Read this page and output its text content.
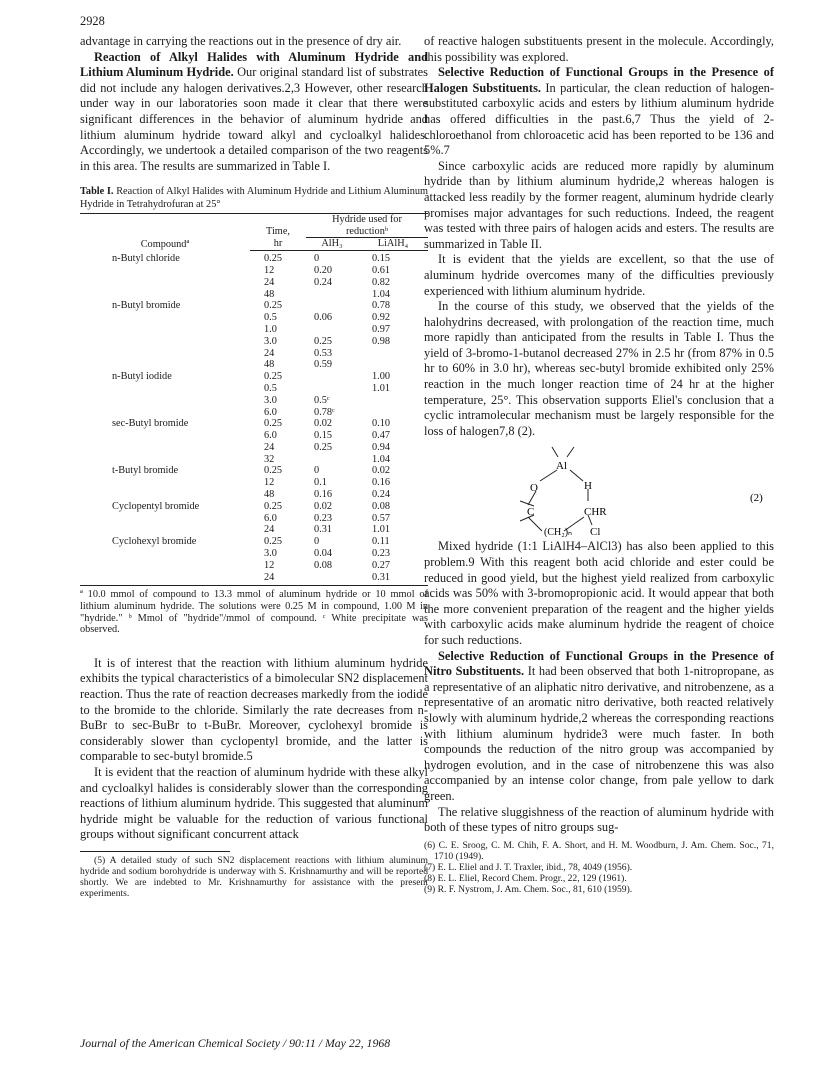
2928

advantage in carrying the reactions out in the presence of dry air.

Reaction of Alkyl Halides with Aluminum Hydride and Lithium Aluminum Hydride. Our original standard list of substrates did not include any halogen derivatives.2,3 However, other research under way in our laboratories soon made it clear that there were significant differences in the behavior of aluminum hydride and lithium aluminum hydride toward alkyl and cycloalkyl halides. Accordingly, we undertook a detailed comparison of the two reagents in this area. The results are summarized in Table I.

Table I. Reaction of Alkyl Halides with Aluminum Hydride and Lithium Aluminum Hydride in Tetrahydrofuran at 25°
Compoundª		Hydride used for	
	Time,	reductionᵇ	
	hr	AlH₃	LiAlH₄
n-Butyl chloride	0.25	0	0.15
	12	0.20	0.61
	24	0.24	0.82
	48		1.04
n-Butyl bromide	0.25		0.78
	0.5	0.06	0.92
	1.0		0.97
	3.0	0.25	0.98
	24	0.53	
	48	0.59	
n-Butyl iodide	0.25		1.00
	0.5		1.01
	3.0	0.5ᶜ	
	6.0	0.78ᶜ	
sec-Butyl bromide	0.25	0.02	0.10
	6.0	0.15	0.47
	24	0.25	0.94
	32		1.04
t-Butyl bromide	0.25	0	0.02
	12	0.1	0.16
	48	0.16	0.24
Cyclopentyl bromide	0.25	0.02	0.08
	6.0	0.23	0.57
	24	0.31	1.01
Cyclohexyl bromide	0.25	0	0.11
	3.0	0.04	0.23
	12	0.08	0.27
	24		0.31
ª 10.0 mmol of compound to 13.3 mmol of aluminum hydride or 10 mmol of lithium aluminum hydride. The solutions were 0.25 M in compound, 1.00 M in "hydride." ᵇ Mmol of "hydride"/mmol of compound. ᶜ White precipitate was observed.

It is of interest that the reaction with lithium aluminum hydride exhibits the typical characteristics of a bimolecular SN2 displacement reaction. Thus the rate of reaction decreases markedly from the iodide to the bromide to the chloride. Similarly the rate decreases from n-BuBr to sec-BuBr to t-BuBr. Moreover, cyclohexyl bromide is considerably slower than cyclopentyl bromide, and the latter is comparable to sec-butyl bromide.5

It is evident that the reaction of aluminum hydride with these alkyl and cycloalkyl halides is considerably slower than the corresponding reactions of lithium aluminum hydride. This suggested that aluminum hydride might be valuable for the reduction of various functional groups without significant concurrent attack

(5) A detailed study of such SN2 displacement reactions with lithium aluminum hydride and sodium borohydride is underway with S. Krishnamurthy and will be reported shortly. We are indebted to Mr. Krishnamurthy for assistance with the present experiments.

of reactive halogen substituents present in the molecule. Accordingly, this possibility was explored.

Selective Reduction of Functional Groups in the Presence of Halogen Substituents. In particular, the clean reduction of halogen-substituted carboxylic acids and esters by lithium aluminum hydride has offered difficulties in the past.6,7 Thus the yield of 2-chloroethanol from chloroacetic acid has been reported to be 136 and 5%.7

Since carboxylic acids are reduced more rapidly by aluminum hydride than by lithium aluminum hydride,2 whereas halogen is attacked less readily by the former reagent, aluminum hydride clearly promises major advantages for such reductions. Indeed, the reagent was tested with three pairs of halogen acids and esters. The results are summarized in Table II.

It is evident that the yields are excellent, so that the use of aluminum hydride overcomes many of the difficulties previously experienced with lithium aluminum hydride.

In the course of this study, we observed that the yields of the halohydrins decreased, with prolongation of the reaction time, much more rapidly than anticipated from the results in Table I. Thus the yield of 3-bromo-1-butanol decreased 27% in 2.5 hr (from 87% in 0.5 hr to 60% in 3.0 hr), whereas sec-butyl bromide exhibited only 25% reaction in the much longer reaction time of 24 hr at the higher temperature, 25°. This observation supports Eliel's conclusion that a cyclic intramolecular mechanism must be largely responsible for the loss of halogen7,8 (2).

Al
O	H
C	CHR
(CH₂)ₙ Cl
(2)

Mixed hydride (1:1 LiAlH4–AlCl3) has also been applied to this problem.9 With this reagent both acid chloride and ester could be reduced in good yield, but the highest yield realized from carboxylic acids was 50% with 3-bromopropionic acid. It would appear that both the more convenient preparation of the reagent and the higher yields with carboxylic acids make aluminum hydride the reagent of choice for such reductions.

Selective Reduction of Functional Groups in the Presence of Nitro Substituents. It had been observed that both 1-nitropropane, as a representative of an aliphatic nitro derivative, and nitrobenzene, as a representative of an aromatic nitro derivative, both reacted relatively slowly with aluminum hydride,2 whereas the corresponding reactions with lithium aluminum hydride3 were much faster. In both compounds the reduction of the nitro group was accompanied by hydrogen evolution, and in the case of nitrobenzene this was also accompanied by an intense color change, from pale yellow to dark green.

The relative sluggishness of the reaction of aluminum hydride with both of these types of nitro groups sug-

(6) C. E. Sroog, C. M. Chih, F. A. Short, and H. M. Woodburn, J. Am. Chem. Soc., 71, 1710 (1949).
(7) E. L. Eliel and J. T. Traxler, ibid., 78, 4049 (1956).
(8) E. L. Eliel, Record Chem. Progr., 22, 129 (1961).
(9) R. F. Nystrom, J. Am. Chem. Soc., 81, 610 (1959).
Journal of the American Chemical Society / 90:11 / May 22, 1968
